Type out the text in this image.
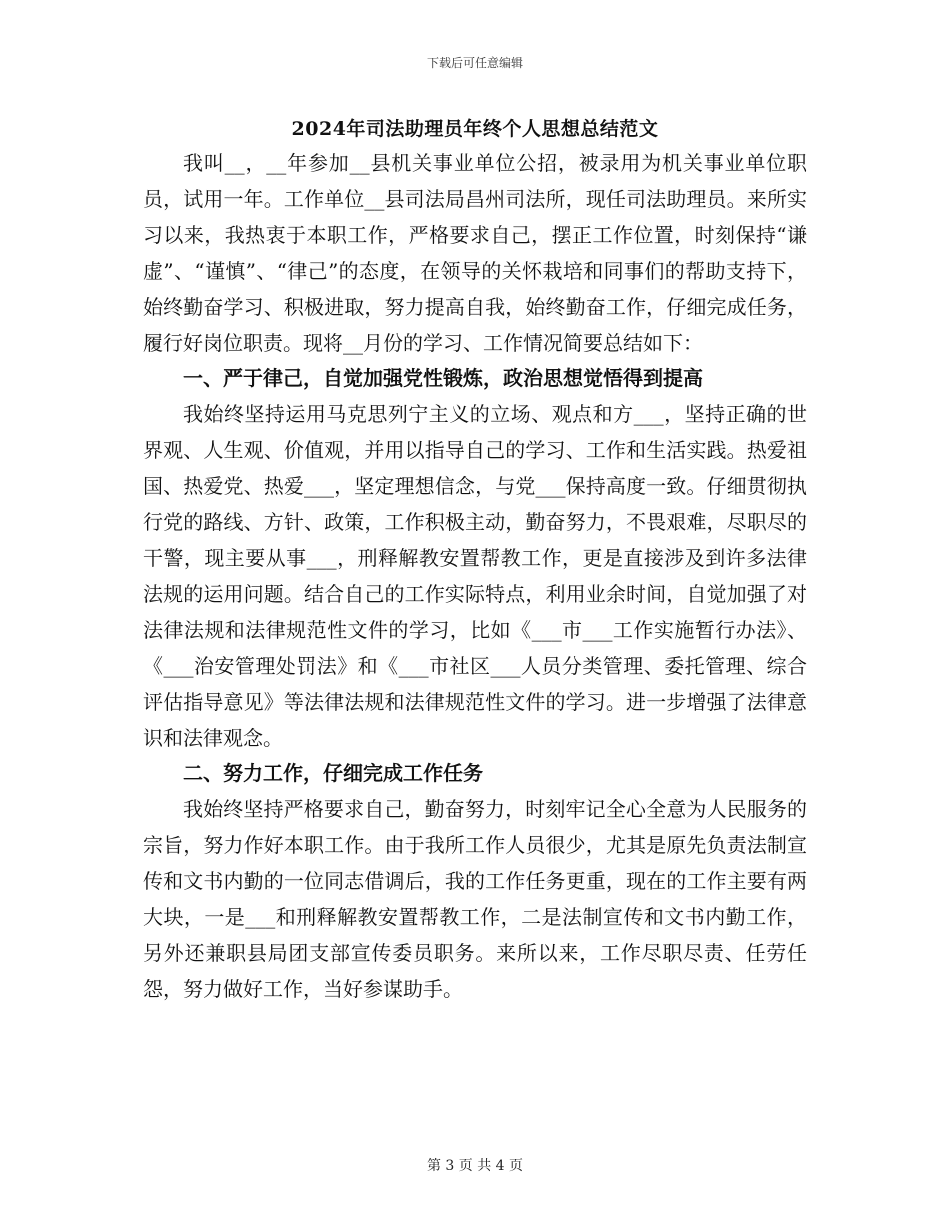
下载后可任意编辑
2024年司法助理员年终个人思想总结范文

我叫__，__年参加__县机关事业单位公招，被录用为机关事业单位职员，试用一年。工作单位__县司法局昌州司法所，现任司法助理员。来所实习以来，我热衷于本职工作，严格要求自己，摆正工作位置，时刻保持“谦虚”、“谨慎”、“律己”的态度，在领导的关怀栽培和同事们的帮助支持下，始终勤奋学习、积极进取，努力提高自我，始终勤奋工作，仔细完成任务，履行好岗位职责。现将__月份的学习、工作情况简要总结如下：

一、严于律己，自觉加强党性锻炼，政治思想觉悟得到提高

我始终坚持运用马克思列宁主义的立场、观点和方___，坚持正确的世界观、人生观、价值观，并用以指导自己的学习、工作和生活实践。热爱祖国、热爱党、热爱___，坚定理想信念，与党___保持高度一致。仔细贯彻执行党的路线、方针、政策，工作积极主动，勤奋努力，不畏艰难，尽职尽的干警，现主要从事___，刑释解教安置帮教工作，更是直接涉及到许多法律法规的运用问题。结合自己的工作实际特点，利用业余时间，自觉加强了对法律法规和法律规范性文件的学习，比如《___市___工作实施暂行办法》、《___治安管理处罚法》和《___市社区___人员分类管理、委托管理、综合评估指导意见》等法律法规和法律规范性文件的学习。进一步增强了法律意识和法律观念。

二、努力工作，仔细完成工作任务

我始终坚持严格要求自己，勤奋努力，时刻牢记全心全意为人民服务的宗旨，努力作好本职工作。由于我所工作人员很少，尤其是原先负责法制宣传和文书内勤的一位同志借调后，我的工作任务更重，现在的工作主要有两大块，一是___和刑释解教安置帮教工作，二是法制宣传和文书内勤工作，另外还兼职县局团支部宣传委员职务。来所以来，工作尽职尽责、任劳任怨，努力做好工作，当好参谋助手。

第 3 页 共 4 页
